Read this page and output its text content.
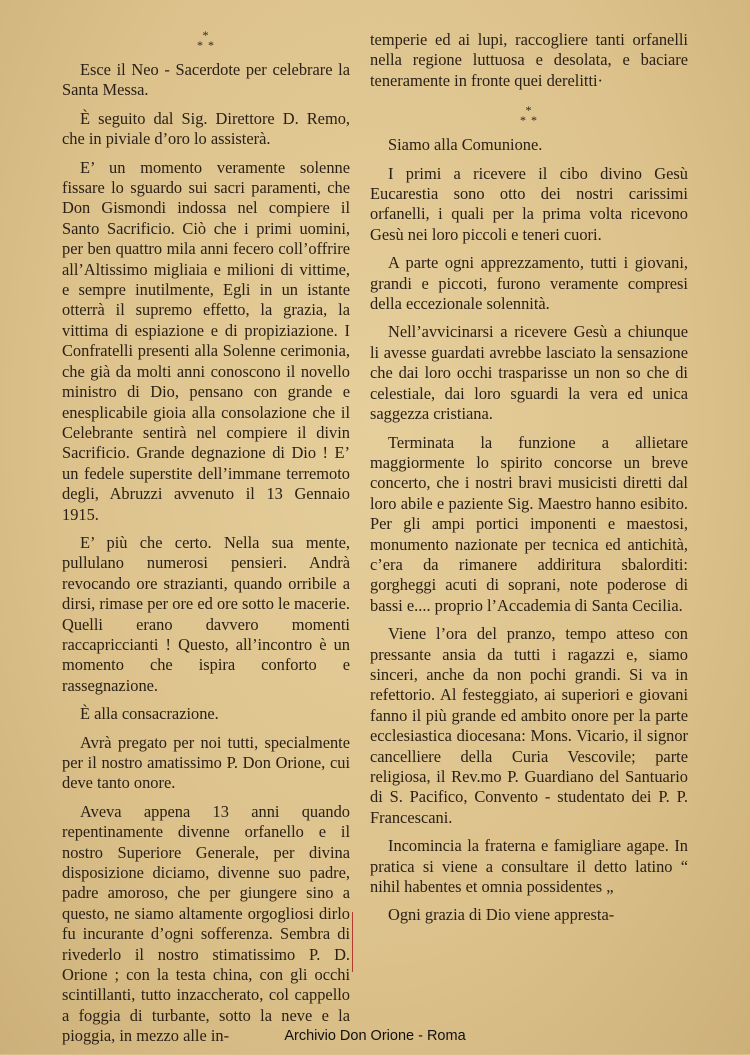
*
* *

Esce il Neo - Sacerdote per celebrare la Santa Messa.

È seguito dal Sig. Direttore D. Remo, che in piviale d’oro lo assisterà.

E’ un momento veramente solenne fissare lo sguardo sui sacri paramenti, che Don Gismondi indossa nel compiere il Santo Sacrificio. Ciò che i primi uomini, per ben quattro mila anni fecero coll’offrire all’Altissimo migliaia e milioni di vittime, e sempre inutilmente, Egli in un istante otterrà il supremo effetto, la grazia, la vittima di espiazione e di propiziazione. I Confratelli presenti alla Solenne cerimonia, che già da molti anni conoscono il novello ministro di Dio, pensano con grande e enesplicabile gioia alla consolazione che il Celebrante sentirà nel compiere il divin Sacrificio. Grande degnazione di Dio ! E’ un fedele superstite dell’immane terremoto degli, Abruzzi avvenuto il 13 Gennaio 1915.

E’ più che certo. Nella sua mente, pullulano numerosi pensieri. Andrà revocando ore strazianti, quando orribile a dirsi, rimase per ore ed ore sotto le macerie. Quelli erano davvero momenti raccapriccianti ! Questo, all’incontro è un momento che ispira conforto e rassegnazione.

È alla consacrazione.

Avrà pregato per noi tutti, specialmente per il nostro amatissimo P. Don Orione, cui deve tanto onore.

Aveva appena 13 anni quando repentinamente divenne orfanello e il nostro Superiore Generale, per divina disposizione diciamo, divenne suo padre, padre amoroso, che per giungere sino a questo, ne siamo altamente orgogliosi dirlo fu incurante d’ogni sofferenza. Sembra di rivederlo il nostro stimatissimo P. D. Orione ; con la testa china, con gli occhi scintillanti, tutto inzaccherato, col cappello a foggia di turbante, sotto la neve e la pioggia, in mezzo alle in-

temperie ed ai lupi, raccogliere tanti orfanelli nella regione luttuosa e desolata, e baciare teneramente in fronte quei derelitti·

*
* *

Siamo alla Comunione.

I primi a ricevere il cibo divino Gesù Eucarestia sono otto dei nostri carissimi orfanelli, i quali per la prima volta ricevono Gesù nei loro piccoli e teneri cuori.

A parte ogni apprezzamento, tutti i giovani, grandi e piccoti, furono veramente compresi della eccezionale solennità.

Nell’avvicinarsi a ricevere Gesù a chiunque li avesse guardati avrebbe lasciato la sensazione che dai loro occhi trasparisse un non so che di celestiale, dai loro sguardi la vera ed unica saggezza cristiana.

Terminata la funzione a allietare maggiormente lo spirito concorse un breve concerto, che i nostri bravi musicisti diretti dal loro abile e paziente Sig. Maestro hanno esibito. Per gli ampi portici imponenti e maestosi, monumento nazionate per tecnica ed antichità, c’era da rimanere addiritura sbalorditi: gorgheggi acuti di soprani, note poderose di bassi e.... proprio l’Accademia di Santa Cecilia.

Viene l’ora del pranzo, tempo atteso con pressante ansia da tutti i ragazzi e, siamo sinceri, anche da non pochi grandi. Si va in refettorio. Al festeggiato, ai superiori e giovani fanno il più grande ed ambito onore per la parte ecclesiastica diocesana: Mons. Vicario, il signor cancelliere della Curia Vescovile; parte religiosa, il Rev.mo P. Guardiano del Santuario di S. Pacifico, Convento - studentato dei P. P. Francescani.

Incomincia la fraterna e famigliare agape. In pratica si viene a consultare il detto latino “ nihil habentes et omnia possidentes „

Ogni grazia di Dio viene appresta-

Archivio Don Orione - Roma
